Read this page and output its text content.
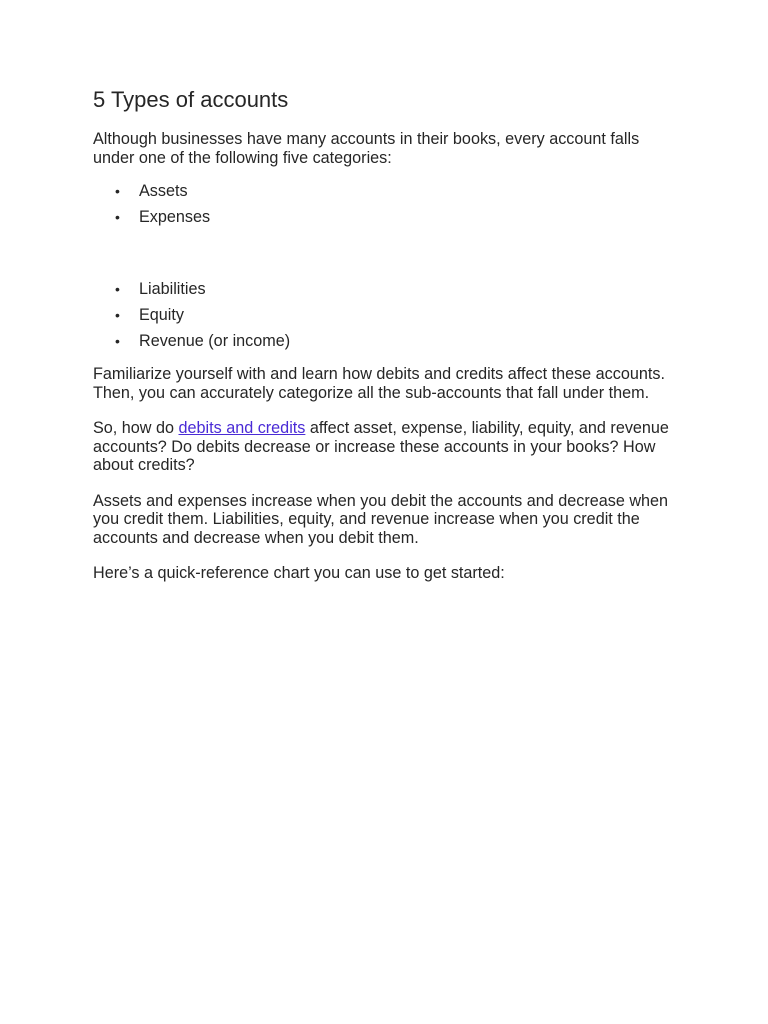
5 Types of accounts

Although businesses have many accounts in their books, every account falls under one of the following five categories:

• Assets
• Expenses
• Liabilities
• Equity
• Revenue (or income)

Familiarize yourself with and learn how debits and credits affect these accounts. Then, you can accurately categorize all the sub-accounts that fall under them.

So, how do debits and credits affect asset, expense, liability, equity, and revenue accounts? Do debits decrease or increase these accounts in your books? How about credits?

Assets and expenses increase when you debit the accounts and decrease when you credit them. Liabilities, equity, and revenue increase when you credit the accounts and decrease when you debit them.

Here’s a quick-reference chart you can use to get started:
